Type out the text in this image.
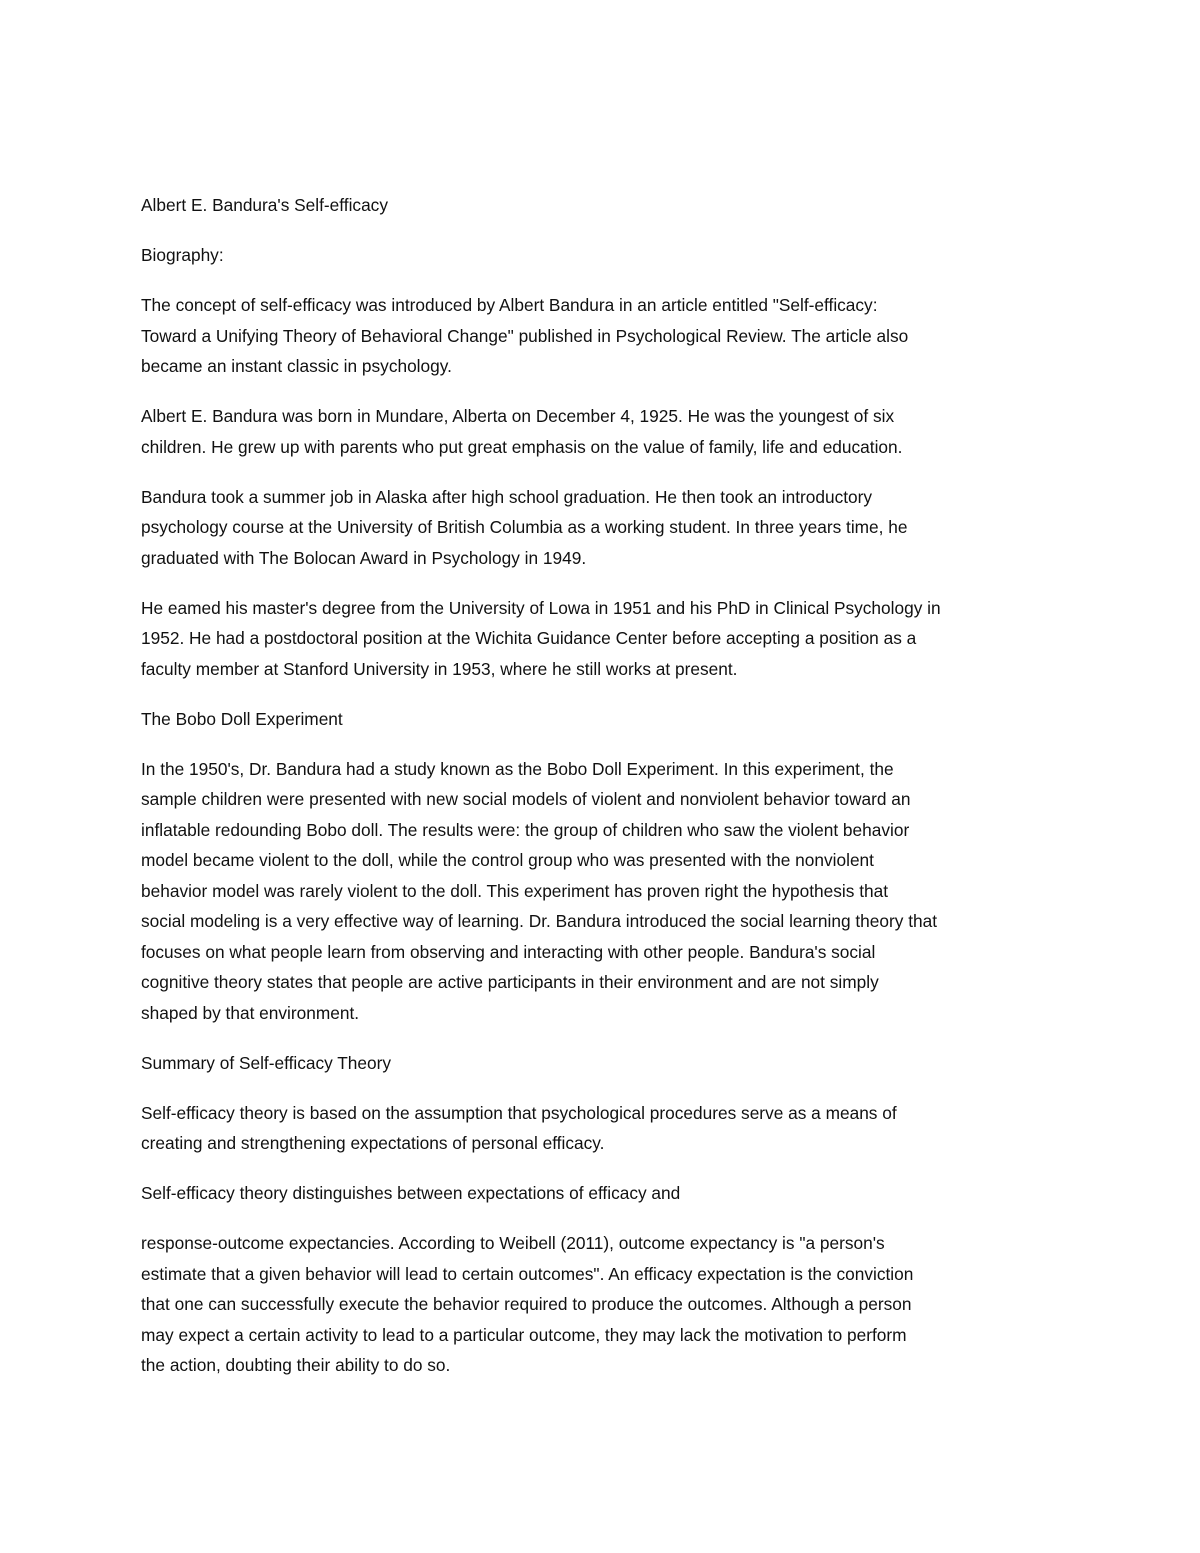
Albert E. Bandura's Self-efficacy

Biography:

The concept of self-efficacy was introduced by Albert Bandura in an article entitled "Self-efficacy:
Toward a Unifying Theory of Behavioral Change" published in Psychological Review. The article also
became an instant classic in psychology.

Albert E. Bandura was born in Mundare, Alberta on December 4, 1925. He was the youngest of six
children. He grew up with parents who put great emphasis on the value of family, life and education.

Bandura took a summer job in Alaska after high school graduation. He then took an introductory
psychology course at the University of British Columbia as a working student. In three years time, he
graduated with The Bolocan Award in Psychology in 1949.

He eamed his master's degree from the University of Lowa in 1951 and his PhD in Clinical Psychology in
1952. He had a postdoctoral position at the Wichita Guidance Center before accepting a position as a
faculty member at Stanford University in 1953, where he still works at present.

The Bobo Doll Experiment

In the 1950's, Dr. Bandura had a study known as the Bobo Doll Experiment. In this experiment, the
sample children were presented with new social models of violent and nonviolent behavior toward an
inflatable redounding Bobo doll. The results were: the group of children who saw the violent behavior
model became violent to the doll, while the control group who was presented with the nonviolent
behavior model was rarely violent to the doll. This experiment has proven right the hypothesis that
social modeling is a very effective way of learning. Dr. Bandura introduced the social learning theory that
focuses on what people learn from observing and interacting with other people. Bandura's social
cognitive theory states that people are active participants in their environment and are not simply
shaped by that environment.

Summary of Self-efficacy Theory

Self-efficacy theory is based on the assumption that psychological procedures serve as a means of
creating and strengthening expectations of personal efficacy.

Self-efficacy theory distinguishes between expectations of efficacy and

response-outcome expectancies. According to Weibell (2011), outcome expectancy is "a person's
estimate that a given behavior will lead to certain outcomes". An efficacy expectation is the conviction
that one can successfully execute the behavior required to produce the outcomes. Although a person
may expect a certain activity to lead to a particular outcome, they may lack the motivation to perform
the action, doubting their ability to do so.
